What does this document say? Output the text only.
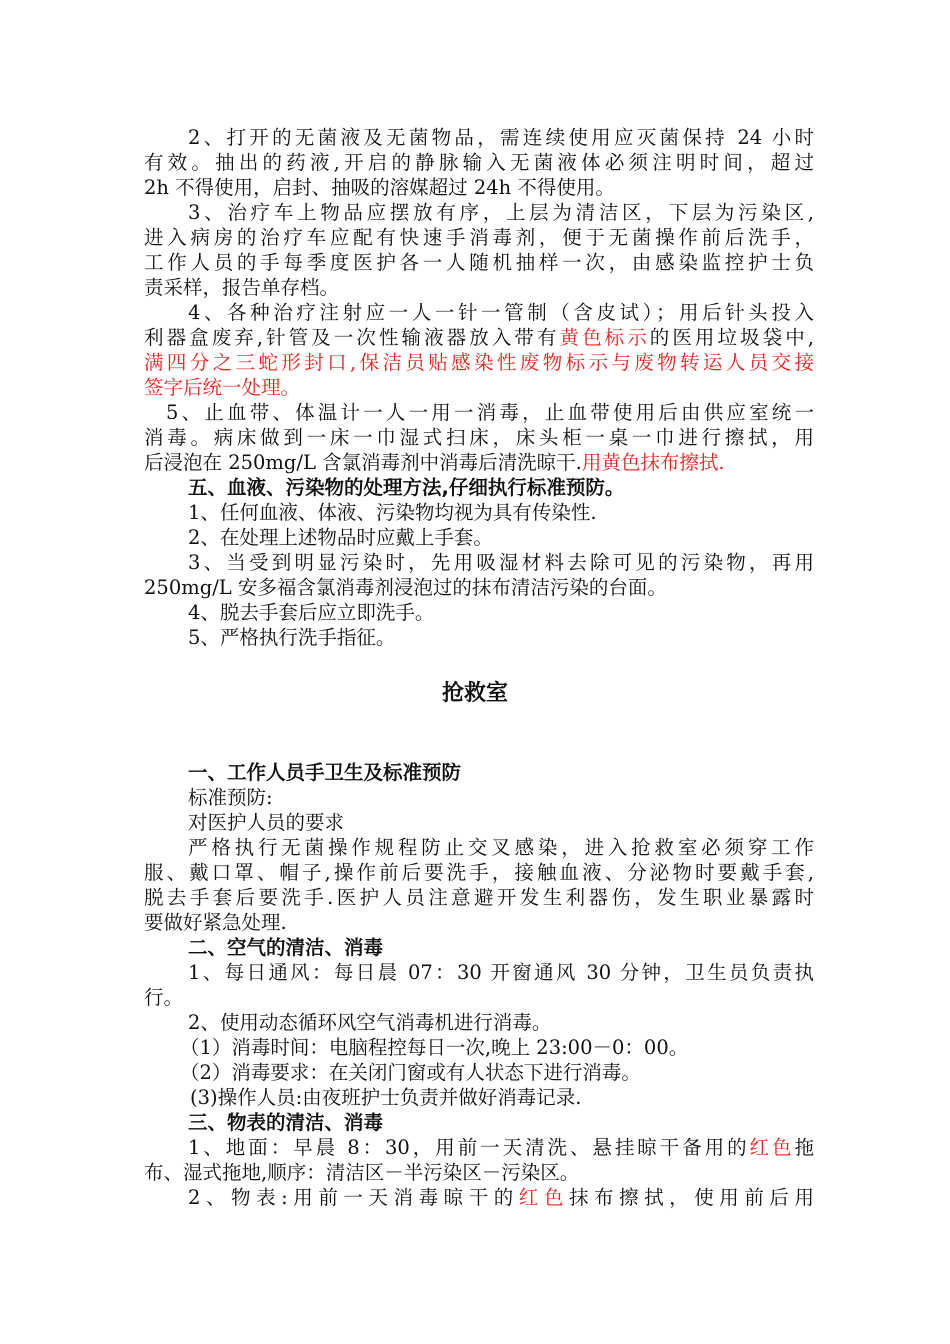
2、打开的无菌液及无菌物品，需连续使用应灭菌保持 24 小时
有效。抽出的药液,开启的静脉输入无菌液体必须注明时间，超过
2h 不得使用，启封、抽吸的溶媒超过 24h 不得使用。
3、治疗车上物品应摆放有序，上层为清洁区，下层为污染区,
进入病房的治疗车应配有快速手消毒剂，便于无菌操作前后洗手，
工作人员的手每季度医护各一人随机抽样一次，由感染监控护士负
责采样，报告单存档。
4、各种治疗注射应一人一针一管制（含皮试）；用后针头投入
利器盒废弃,针管及一次性输液器放入带有黄色标示的医用垃圾袋中,
满四分之三蛇形封口,保洁员贴感染性废物标示与废物转运人员交接
签字后统一处理。
5、止血带、体温计一人一用一消毒，止血带使用后由供应室统一
消毒。病床做到一床一巾湿式扫床，床头柜一桌一巾进行擦拭，用
后浸泡在 250mg/L 含氯消毒剂中消毒后清洗晾干.用黄色抹布擦拭.
五、血液、污染物的处理方法,仔细执行标准预防。
1、任何血液、体液、污染物均视为具有传染性.
2、在处理上述物品时应戴上手套。
3、当受到明显污染时，先用吸湿材料去除可见的污染物，再用
250mg/L 安多福含氯消毒剂浸泡过的抹布清洁污染的台面。
4、脱去手套后应立即洗手。
5、严格执行洗手指征。
抢救室
一、工作人员手卫生及标准预防
标准预防:
对医护人员的要求
严格执行无菌操作规程防止交叉感染，进入抢救室必须穿工作
服、戴口罩、帽子,操作前后要洗手，接触血液、分泌物时要戴手套,
脱去手套后要洗手.医护人员注意避开发生利器伤，发生职业暴露时
要做好紧急处理.
二、空气的清洁、消毒
1、每日通风：每日晨 07：30 开窗通风 30 分钟，卫生员负责执
行。
2、使用动态循环风空气消毒机进行消毒。
（1）消毒时间：电脑程控每日一次,晚上 23:00－0：00。
（2）消毒要求：在关闭门窗或有人状态下进行消毒。
(3)操作人员:由夜班护士负责并做好消毒记录.
三、物表的清洁、消毒
1、地面：早晨 8：30，用前一天清洗、悬挂晾干备用的红色拖
布、湿式拖地,顺序：清洁区－半污染区－污染区。
2、物表:用前一天消毒晾干的红色抹布擦拭，使用前后用
